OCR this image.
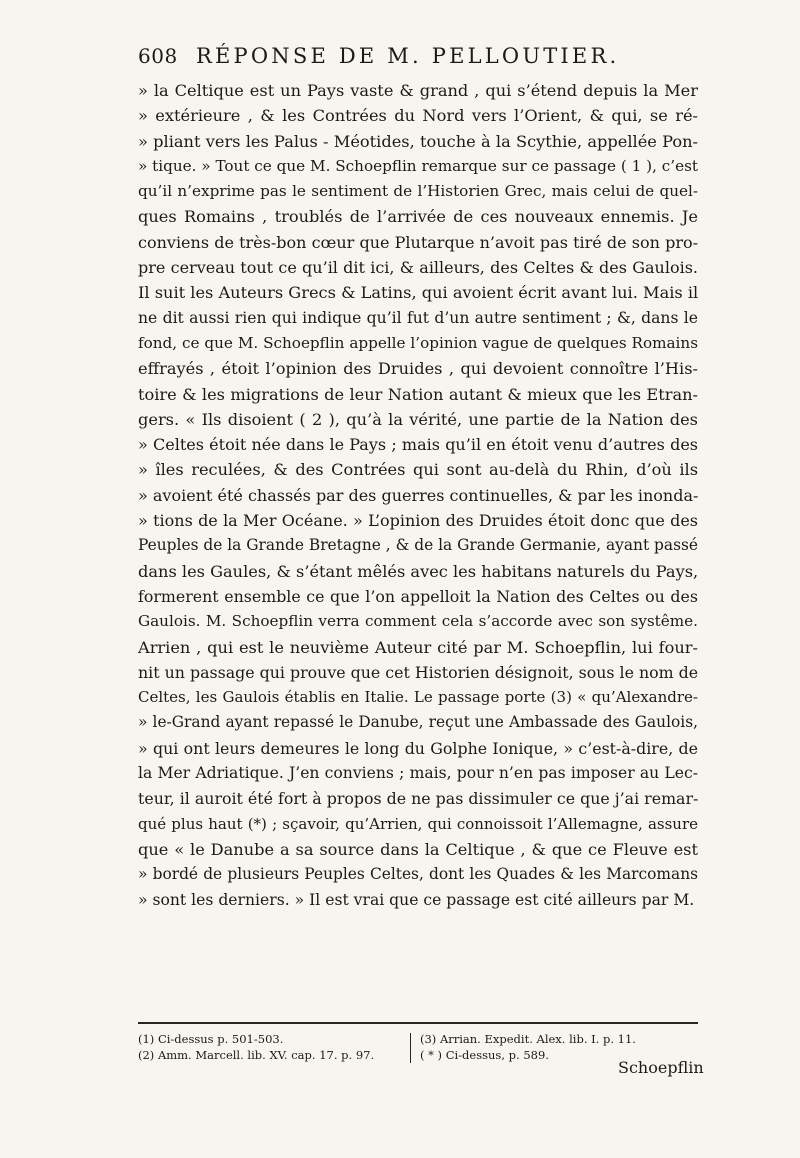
608 RÉPONSE DE M. PELLOUTIER.
» la Celtique est un Pays vaste & grand , qui s’étend depuis la Mer
» extérieure , & les Contrées du Nord vers l’Orient, & qui, se ré-
» pliant vers les Palus - Méotides, touche à la Scythie, appellée Pon-
» tique. » Tout ce que M. Schoepflin remarque sur ce passage ( 1 ), c’est
qu’il n’exprime pas le sentiment de l’Historien Grec, mais celui de quel-
ques Romains , troublés de l’arrivée de ces nouveaux ennemis. Je
conviens de très-bon cœur que Plutarque n’avoit pas tiré de son pro-
pre cerveau tout ce qu’il dit ici, & ailleurs, des Celtes & des Gaulois.
Il suit les Auteurs Grecs & Latins, qui avoient écrit avant lui. Mais il
ne dit aussi rien qui indique qu’il fut d’un autre sentiment ; &, dans le
fond, ce que M. Schoepflin appelle l’opinion vague de quelques Romains
effrayés , étoit l’opinion des Druides , qui devoient connoître l’His-
toire & les migrations de leur Nation autant & mieux que les Etran-
gers. « Ils disoient ( 2 ), qu’à la vérité, une partie de la Nation des
» Celtes étoit née dans le Pays ; mais qu’il en étoit venu d’autres des
» îles reculées, & des Contrées qui sont au-delà du Rhin, d’où ils
» avoient été chassés par des guerres continuelles, & par les inonda-
» tions de la Mer Océane. » L’opinion des Druides étoit donc que des
Peuples de la Grande Bretagne , & de la Grande Germanie, ayant passé
dans les Gaules, & s’étant mêlés avec les habitans naturels du Pays,
formerent ensemble ce que l’on appelloit la Nation des Celtes ou des
Gaulois. M. Schoepflin verra comment cela s’accorde avec son systême.
Arrien , qui est le neuvième Auteur cité par M. Schoepflin, lui four-
nit un passage qui prouve que cet Historien désignoit, sous le nom de
Celtes, les Gaulois établis en Italie. Le passage porte (3) « qu’Alexandre-
» le-Grand ayant repassé le Danube, reçut une Ambassade des Gaulois,
» qui ont leurs demeures le long du Golphe Ionique, » c’est-à-dire, de
la Mer Adriatique. J’en conviens ; mais, pour n’en pas imposer au Lec-
teur, il auroit été fort à propos de ne pas dissimuler ce que j’ai remar-
qué plus haut (*) ; sçavoir, qu’Arrien, qui connoissoit l’Allemagne, assure
que « le Danube a sa source dans la Celtique , & que ce Fleuve est
» bordé de plusieurs Peuples Celtes, dont les Quades & les Marcomans
» sont les derniers. » Il est vrai que ce passage est cité ailleurs par M.
(1) Ci-dessus p. 501-503.
(2) Amm. Marcell. lib. XV. cap. 17. p. 97.
(3) Arrian. Expedit. Alex. lib. I. p. 11.
( * ) Ci-dessus, p. 589.
Schoepflin
